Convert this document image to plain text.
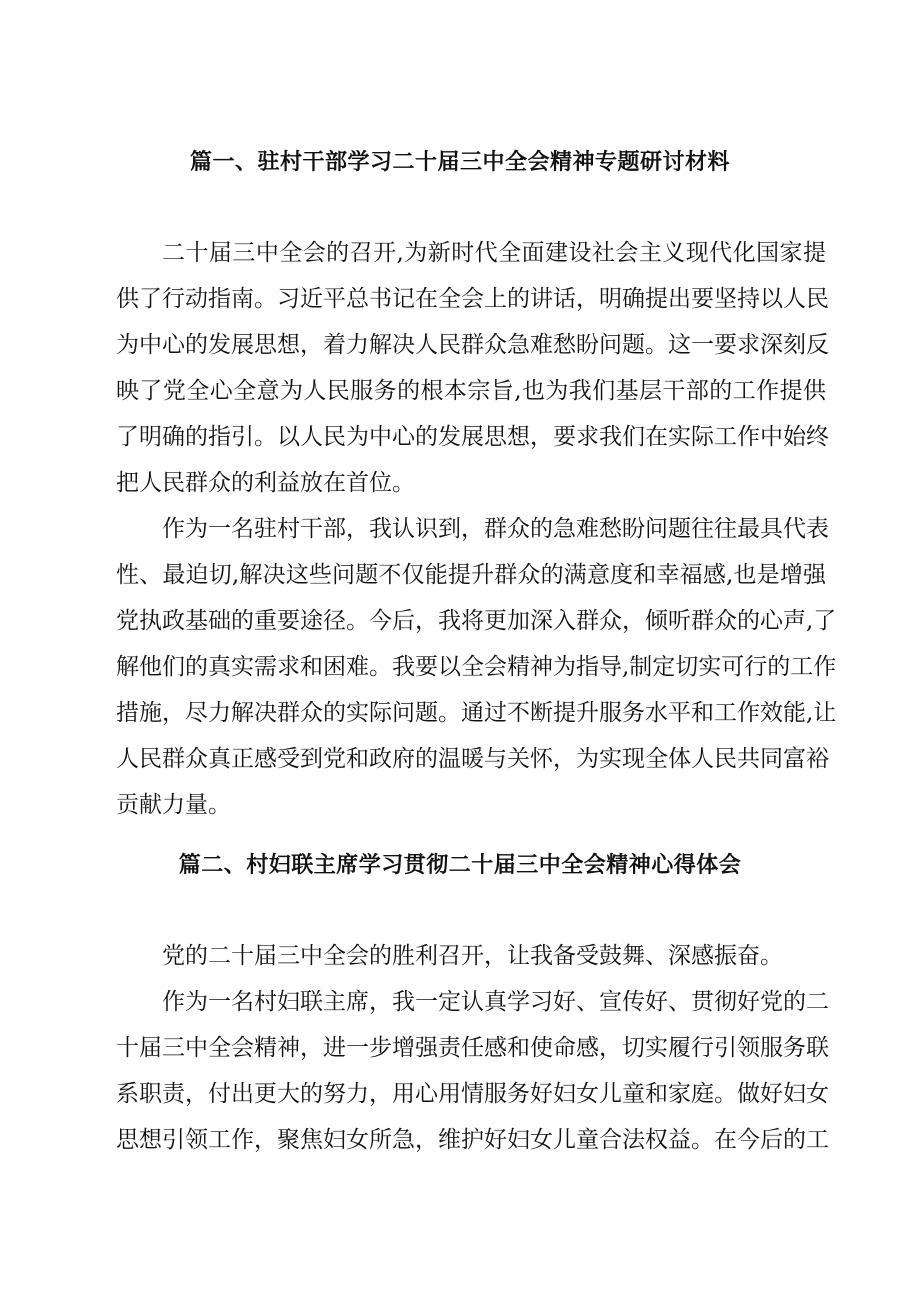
篇一、驻村干部学习二十届三中全会精神专题研讨材料
二十届三中全会的召开,为新时代全面建设社会主义现代化国家提
供了行动指南。习近平总书记在全会上的讲话，明确提出要坚持以人民
为中心的发展思想，着力解决人民群众急难愁盼问题。这一要求深刻反
映了党全心全意为人民服务的根本宗旨,也为我们基层干部的工作提供
了明确的指引。以人民为中心的发展思想，要求我们在实际工作中始终
把人民群众的利益放在首位。
作为一名驻村干部，我认识到，群众的急难愁盼问题往往最具代表
性、最迫切,解决这些问题不仅能提升群众的满意度和幸福感,也是增强
党执政基础的重要途径。今后，我将更加深入群众，倾听群众的心声,了
解他们的真实需求和困难。我要以全会精神为指导,制定切实可行的工作
措施，尽力解决群众的实际问题。通过不断提升服务水平和工作效能,让
人民群众真正感受到党和政府的温暖与关怀，为实现全体人民共同富裕
贡献力量。
篇二、村妇联主席学习贯彻二十届三中全会精神心得体会
党的二十届三中全会的胜利召开，让我备受鼓舞、深感振奋。
作为一名村妇联主席，我一定认真学习好、宣传好、贯彻好党的二
十届三中全会精神，进一步增强责任感和使命感，切实履行引领服务联
系职责，付出更大的努力，用心用情服务好妇女儿童和家庭。做好妇女
思想引领工作，聚焦妇女所急，维护好妇女儿童合法权益。在今后的工
